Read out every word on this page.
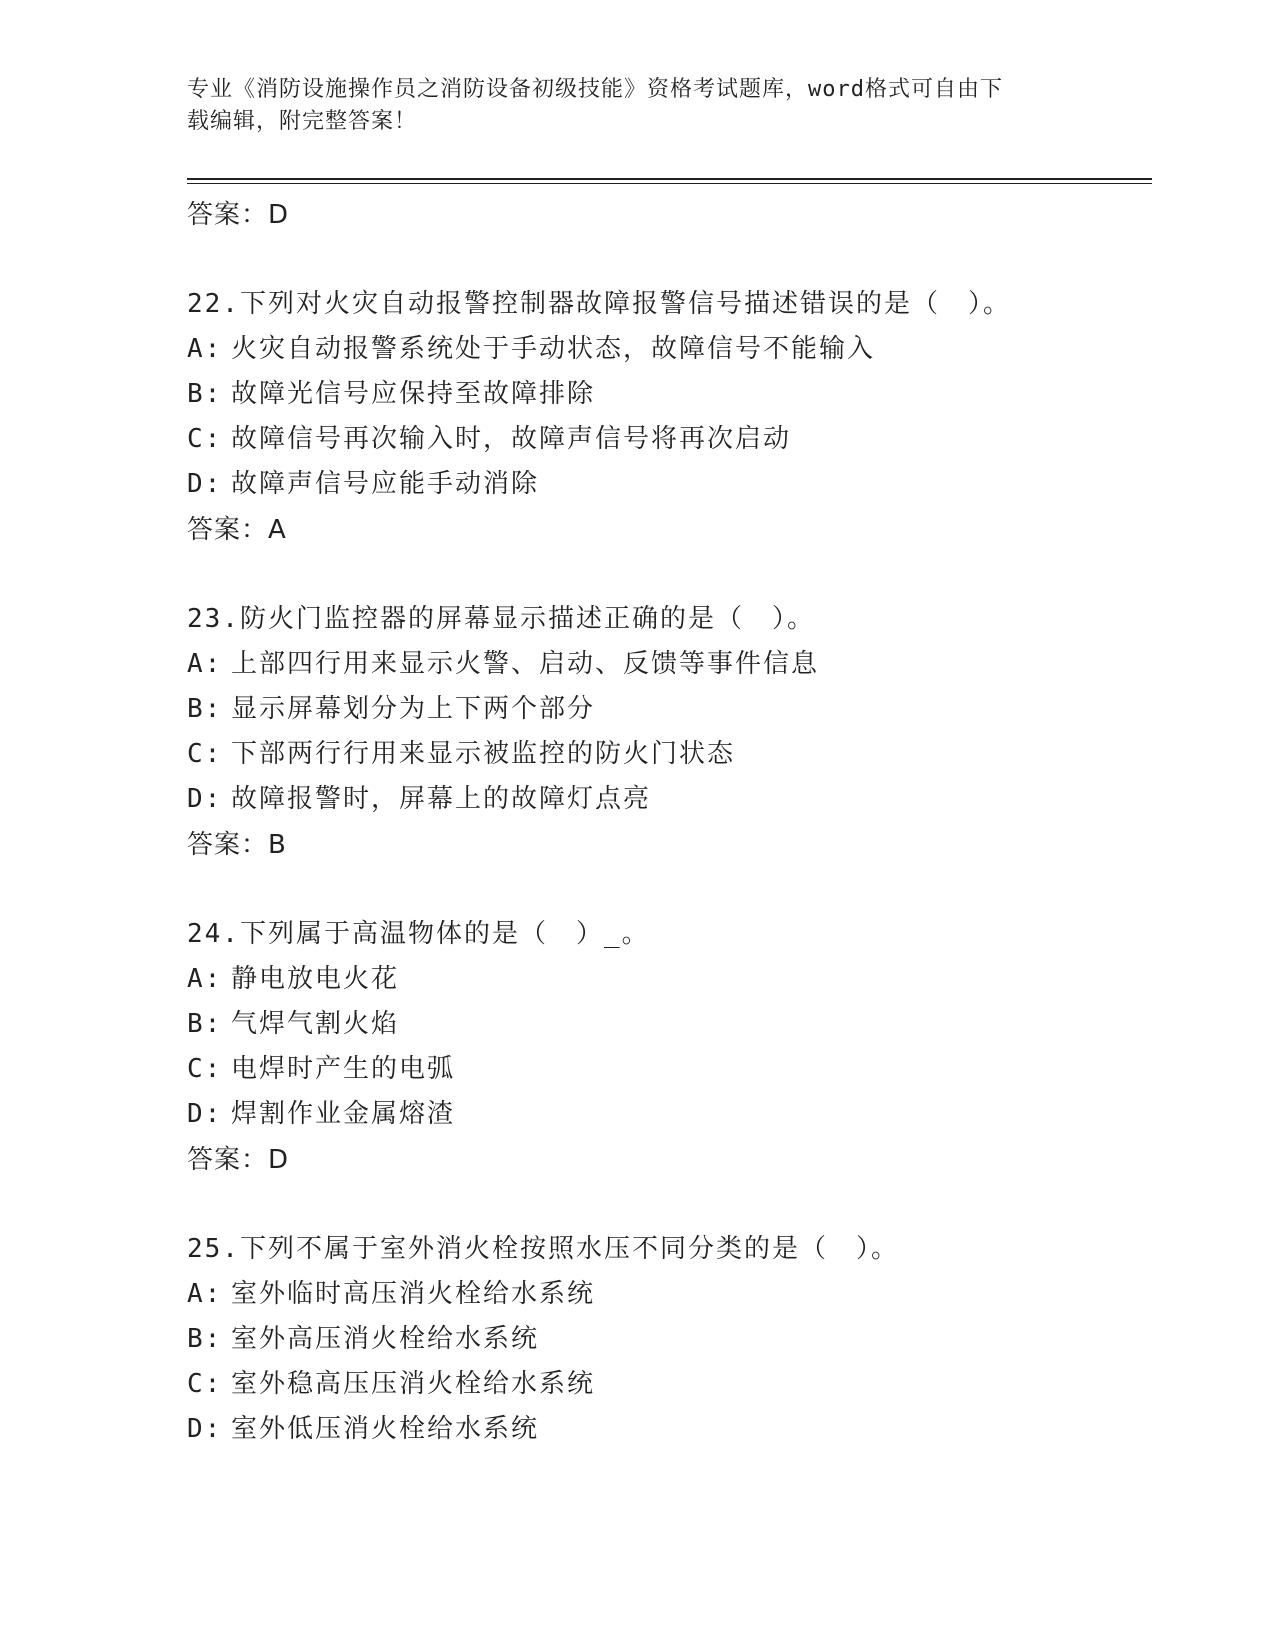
专业《消防设施操作员之消防设备初级技能》资格考试题库，word格式可自由下
载编辑，附完整答案！
答案：D
22.下列对火灾自动报警控制器故障报警信号描述错误的是（　）。
A: 火灾自动报警系统处于手动状态，故障信号不能输入
B: 故障光信号应保持至故障排除
C: 故障信号再次输入时，故障声信号将再次启动
D: 故障声信号应能手动消除
答案：A
23.防火门监控器的屏幕显示描述正确的是（　）。
A: 上部四行用来显示火警、启动、反馈等事件信息
B: 显示屏幕划分为上下两个部分
C: 下部两行行用来显示被监控的防火门状态
D: 故障报警时，屏幕上的故障灯点亮
答案：B
24.下列属于高温物体的是（　）_。
A: 静电放电火花
B: 气焊气割火焰
C: 电焊时产生的电弧
D: 焊割作业金属熔渣
答案：D
25.下列不属于室外消火栓按照水压不同分类的是（　）。
A: 室外临时高压消火栓给水系统
B: 室外高压消火栓给水系统
C: 室外稳高压压消火栓给水系统
D: 室外低压消火栓给水系统
